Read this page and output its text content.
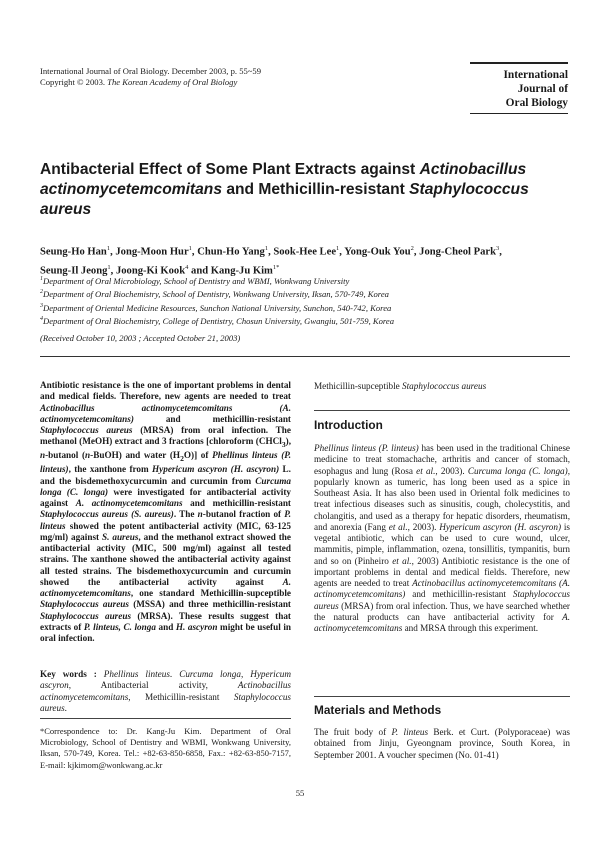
International Journal of Oral Biology. December 2003, p. 55~59
Copyright © 2003. The Korean Academy of Oral Biology
International
Journal of
Oral Biology
Antibacterial Effect of Some Plant Extracts against Actinobacillus actinomycetemcomitans and Methicillin-resistant Staphylococcus aureus
Seung-Ho Han$^1$, Jong-Moon Hur$^1$, Chun-Ho Yang$^1$, Sook-Hee Lee$^1$, Yong-Ouk You$^2$, Jong-Cheol Park$^3$,
Seung-Il Jeong$^1$, Joong-Ki Kook$^4$ and Kang-Ju Kim$^{1*}$
$^1$Department of Oral Microbiology, School of Dentistry and WBMI, Wonkwang University
$^2$Department of Oral Biochemistry, School of Dentistry, Wonkwang University, Iksan, 570-749, Korea
$^3$Department of Oriental Medicine Resources, Sunchon National University, Sunchon, 540-742, Korea
$^4$Department of Oral Biochemistry, College of Dentistry, Chosun University, Gwangiu, 501-759, Korea
(Received October 10, 2003 ; Accepted October 21, 2003)
Antibiotic resistance is the one of important problems in dental and medical fields. Therefore, new agents are needed to treat Actinobacillus actinomycetemcomitans (A. actinomycetemcomitans) and methicillin-resistant Staphylococcus aureus (MRSA) from oral infection. The methanol (MeOH) extract and 3 fractions [chloroform (CHCl$_3$), n-butanol (n-BuOH) and water $(H_2O)$] of Phellinus linteus (P. linteus), the xanthone from Hypericum ascyron (H. ascyron) L. and the bisdemethoxycurcumin and curcumin from Curcuma longa (C. longa) were investigated for antibacterial activity against A. actinomycetemcomitans and methicillin-resistant Staphylococcus aureus (S. aureus). The n-butanol fraction of P. linteus showed the potent antibacterial activity (MIC, 63-125 mg/ml) against S. aureus, and the methanol extract showed the antibacterial activity (MIC, 500 mg/ml) against all tested strains. The xanthone showed the antibacterial activity against all tested strains. The bisdemethoxycurcumin and curcumin showed the antibacterial activity against A. actinomycetemcomitans, one standard Methicillin-supceptible Staphylococcus aureus (MSSA) and three methicillin-resistant Staphylococcus aureus (MRSA). These results suggest that extracts of P. linteus, C. longa and H. ascyron might be useful in oral infection.
Key words : Phellinus linteus. Curcuma longa, Hypericum ascyron, Antibacterial activity, Actinobacillus actinomycetemcomitans, Methicillin-resistant Staphylococcus aureus.
*Correspondence to: Dr. Kang-Ju Kim. Department of Oral Microbiology, School of Dentistry and WBMI, Wonkwang University, Iksan, 570-749, Korea. Tel.: +82-63-850-6858, Fax.: +82-63-850-7157, E-mail: kjkimom@wonkwang.ac.kr
Methicillin-supceptible Staphylococcus aureus
Introduction
Phellinus linteus (P. linteus) has been used in the traditional Chinese medicine to treat stomachache, arthritis and cancer of stomach, esophagus and lung (Rosa et al., 2003). Curcuma longa (C. longa), popularly known as tumeric, has long been used as a spice in Southeast Asia. It has also been used in Oriental folk medicines to treat infectious diseases such as sinusitis, cough, cholecystitis, and cholangitis, and used as a therapy for hepatic disorders, rheumatism, and anorexia (Fang et al., 2003). Hypericum ascyron (H. ascyron) is vegetal antibiotic, which can be used to cure wound, ulcer, mammitis, pimple, inflammation, ozena, tonsillitis, tympanitis, burn and so on (Pinheiro et al., 2003) Antibiotic resistance is the one of important problems in dental and medical fields. Therefore, new agents are needed to treat Actinobacillus actinomycetemcomitans (A. actinomycetemcomitans) and methicillin-resistant Staphylococcus aureus (MRSA) from oral infection. Thus, we have searched whether the natural products can have antibacterial activity for A. actinomycetemcomitans and MRSA through this experiment.
Materials and Methods
The fruit body of P. linteus Berk. et Curt. (Polyporaceae) was obtained from Jinju, Gyeongnam province, South Korea, in September 2001. A voucher specimen (No. 01-41)
55
